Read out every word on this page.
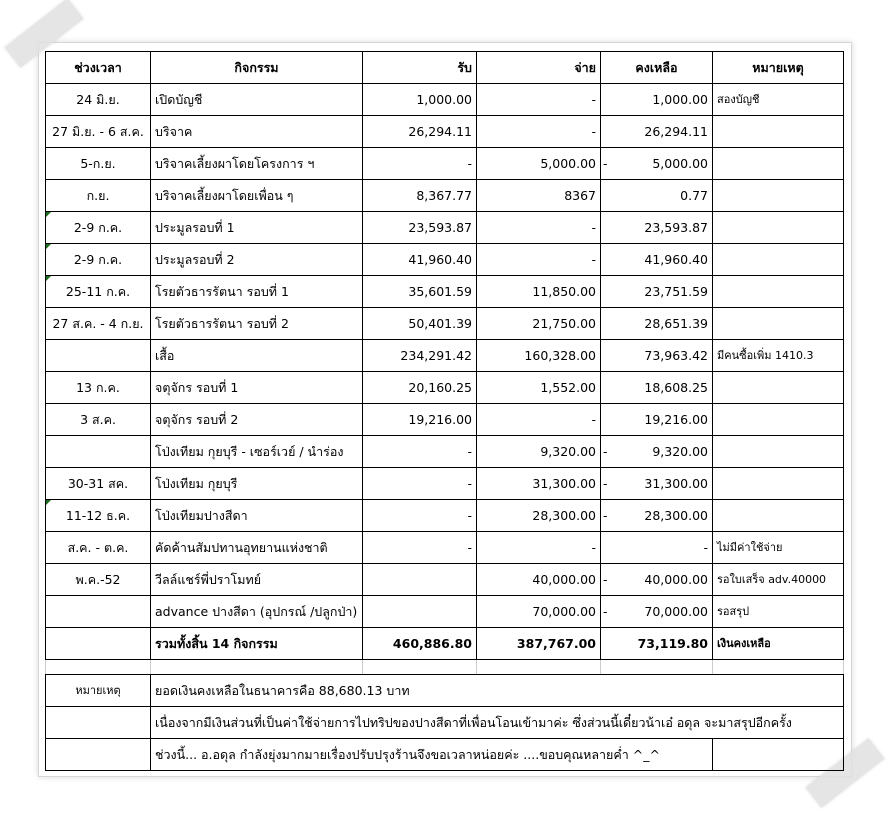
ช่วงเวลา	กิจกรรม	รับ	จ่าย	คงเหลือ	หมายเหตุ
24 มิ.ย.	เปิดบัญชี	1,000.00	-	1,000.00	สองบัญชี
27 มิ.ย. - 6 ส.ค.	บริจาค	26,294.11	-	26,294.11	
5-ก.ย.	บริจาคเลี้ยงผาโดยโครงการ ฯ	-	5,000.00	- 5,000.00	
ก.ย.	บริจาคเลี้ยงผาโดยเพื่อน ๆ	8,367.77	8367	0.77	
2-9 ก.ค.	ประมูลรอบที่ 1	23,593.87	-	23,593.87	
2-9 ก.ค.	ประมูลรอบที่ 2	41,960.40	-	41,960.40	
25-11 ก.ค.	โรยตัวธารรัตนา รอบที่ 1	35,601.59	11,850.00	23,751.59	
27 ส.ค. - 4 ก.ย.	โรยตัวธารรัตนา รอบที่ 2	50,401.39	21,750.00	28,651.39	
	เสื้อ	234,291.42	160,328.00	73,963.42	มีคนซื้อเพิ่ม 1410.3
13 ก.ค.	จตุจักร รอบที่ 1	20,160.25	1,552.00	18,608.25	
3 ส.ค.	จตุจักร รอบที่ 2	19,216.00	-	19,216.00	
	โป่งเทียม กุยบุรี - เซอร์เวย์ / นำร่อง	-	9,320.00	- 9,320.00	
30-31 สค.	โป่งเทียม กุยบุรี	-	31,300.00	- 31,300.00	
11-12 ธ.ค.	โป่งเทียมปางสีดา	-	28,300.00	- 28,300.00	
ส.ค. - ต.ค.	คัดค้านสัมปทานอุทยานแห่งชาติ	-	-	-	ไม่มีค่าใช้จ่าย
พ.ค.-52	วีลล์แชร์พี่ปราโมทย์		40,000.00	- 40,000.00	รอใบเสร็จ adv.40000
	advance ปางสีดา (อุปกรณ์ /ปลูกป่า)		70,000.00	- 70,000.00	รอสรุป
	รวมทั้งสิ้น 14 กิจกรรม	460,886.80	387,767.00	73,119.80	เงินคงเหลือ

หมายเหตุ	ยอดเงินคงเหลือในธนาคารคือ 88,680.13 บาท				
	เนื่องจากมีเงินส่วนที่เป็นค่าใช้จ่ายการไปทริปของปางสีดาที่เพื่อนโอนเข้ามาค่ะ ซึ่งส่วนนี้เดี๋ยวน้าเอ๋ อดุล จะมาสรุปอีกครั้ง				
	ช่วงนี้... อ.อดุล กำลังยุ่งมากมายเรื่องปรับปรุงร้านจึงขอเวลาหน่อยค่ะ ....ขอบคุณหลายค่ำ ^_^				
